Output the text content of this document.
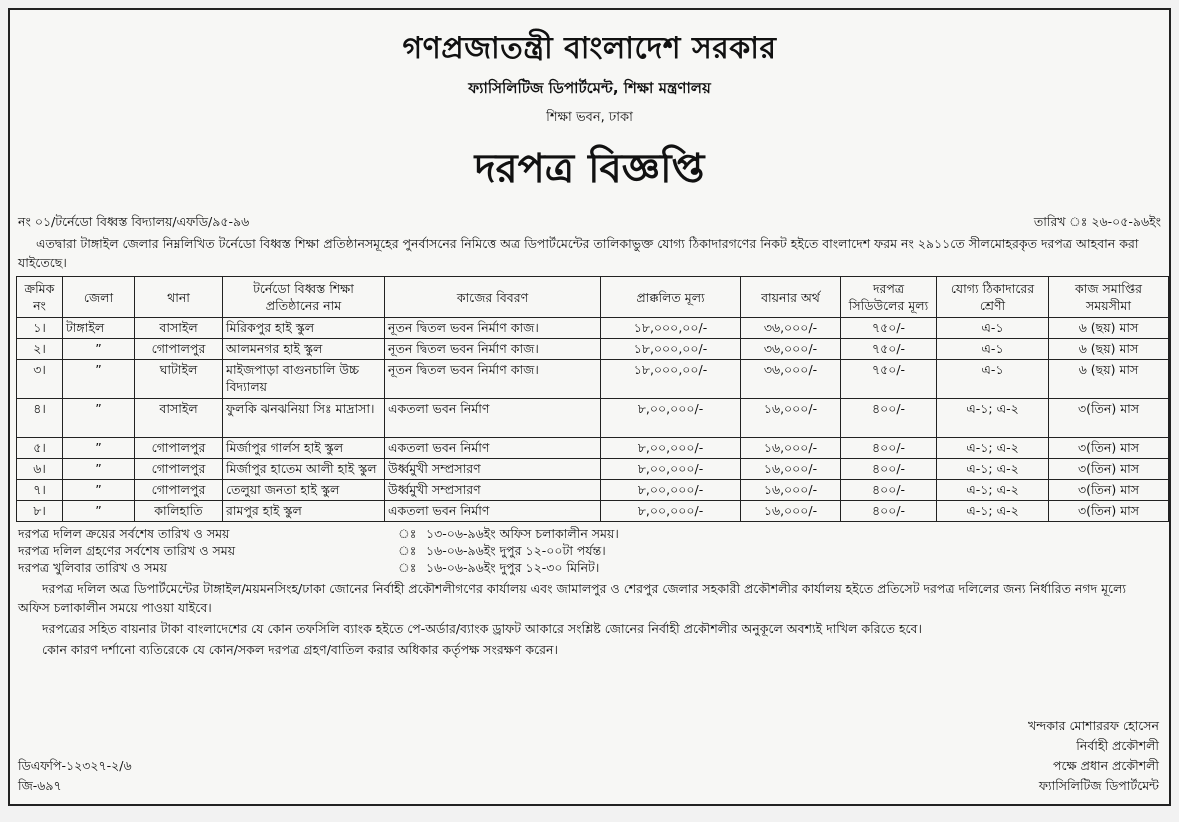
গণপ্রজাতন্ত্রী বাংলাদেশ সরকার
ফ্যাসিলিটিজ ডিপার্টমেন্ট, শিক্ষা মন্ত্রণালয়
শিক্ষা ভবন, ঢাকা
দরপত্র বিজ্ঞপ্তি
নং ০১/টর্নেডো বিধ্বস্ত বিদ্যালয়/এফডি/৯৫-৯৬	তারিখ ঃ ২৬-০৫-৯৬ইং
এতদ্বারা টাঙ্গাইল জেলার নিম্নলিখিত টর্নেডো বিধ্বস্ত শিক্ষা প্রতিষ্ঠানসমূহের পুনর্বাসনের নিমিত্তে অত্র ডিপার্টমেন্টের তালিকাভুক্ত যোগ্য ঠিকাদারগণের নিকট হইতে বাংলাদেশ ফরম নং ২৯১১তে সীলমোহরকৃত দরপত্র আহবান করা যাইতেছে।
ক্রমিক নং	জেলা	থানা	টর্নেডো বিধ্বস্ত শিক্ষা প্রতিষ্ঠানের নাম	কাজের বিবরণ	প্রাক্কলিত মূল্য	বায়নার অর্থ	দরপত্র সিডিউলের মূল্য	যোগ্য ঠিকাদারের শ্রেণী	কাজ সমাপ্তির সময়সীমা
১।	টাঙ্গাইল	বাসাইল	মিরিকপুর হাই স্কুল	নূতন দ্বিতল ভবন নির্মাণ কাজ।	১৮,০০০,০০/-	৩৬,০০০/-	৭৫০/-	এ-১	৬ (ছয়) মাস
২।	”	গোপালপুর	আলমনগর হাই স্কুল	নূতন দ্বিতল ভবন নির্মাণ কাজ।	১৮,০০০,০০/-	৩৬,০০০/-	৭৫০/-	এ-১	৬ (ছয়) মাস
৩।	”	ঘাটাইল	মাইজপাড়া বাগুনচালি উচ্চ বিদ্যালয়	নূতন দ্বিতল ভবন নির্মাণ কাজ।	১৮,০০০,০০/-	৩৬,০০০/-	৭৫০/-	এ-১	৬ (ছয়) মাস
৪।	”	বাসাইল	ফুলকি ঝনঝনিয়া সিঃ মাদ্রাসা।	একতলা ভবন নির্মাণ	৮,০০,০০০/-	১৬,০০০/-	৪০০/-	এ-১; এ-২	৩(তিন) মাস
৫।	”	গোপালপুর	মির্জাপুর গার্লস হাই স্কুল	একতলা ভবন নির্মাণ	৮,০০,০০০/-	১৬,০০০/-	৪০০/-	এ-১; এ-২	৩(তিন) মাস
৬।	”	গোপালপুর	মির্জাপুর হাতেম আলী হাই স্কুল	উর্ধ্বমুখী সম্প্রসারণ	৮,০০,০০০/-	১৬,০০০/-	৪০০/-	এ-১; এ-২	৩(তিন) মাস
৭।	”	গোপালপুর	তেলুয়া জনতা হাই স্কুল	উর্ধ্বমুখী সম্প্রসারণ	৮,০০,০০০/-	১৬,০০০/-	৪০০/-	এ-১; এ-২	৩(তিন) মাস
৮।	”	কালিহাতি	রামপুর হাই স্কুল	একতলা ভবন নির্মাণ	৮,০০,০০০/-	১৬,০০০/-	৪০০/-	এ-১; এ-২	৩(তিন) মাস
দরপত্র দলিল ক্রয়ের সর্বশেষ তারিখ ও সময়	ঃ ১৩-০৬-৯৬ইং অফিস চলাকালীন সময়।
দরপত্র দলিল গ্রহণের সর্বশেষ তারিখ ও সময়	ঃ ১৬-০৬-৯৬ইং দুপুর ১২-০০টা পর্যন্ত।
দরপত্র খুলিবার তারিখ ও সময়	ঃ ১৬-০৬-৯৬ইং দুপুর ১২-৩০ মিনিট।
দরপত্র দলিল অত্র ডিপার্টমেন্টের টাঙ্গাইল/ময়মনসিংহ/ঢাকা জোনের নির্বাহী প্রকৌশলীগণের কার্যালয় এবং জামালপুর ও শেরপুর জেলার সহকারী প্রকৌশলীর কার্যালয় হইতে প্রতিসেট দরপত্র দলিলের জন্য নির্ধারিত নগদ মূল্যে অফিস চলাকালীন সময়ে পাওয়া যাইবে।
দরপত্রের সহিত বায়নার টাকা বাংলাদেশের যে কোন তফসিলি ব্যাংক হইতে পে-অর্ডার/ব্যাংক ড্রাফট আকারে সংশ্লিষ্ট জোনের নির্বাহী প্রকৌশলীর অনুকূলে অবশ্যই দাখিল করিতে হবে।
কোন কারণ দর্শানো ব্যতিরেকে যে কোন/সকল দরপত্র গ্রহণ/বাতিল করার অধিকার কর্তৃপক্ষ সংরক্ষণ করেন।
ডিএফপি-১২৩২৭-২/৬
জি-৬৯৭
খন্দকার মোশাররফ হোসেন
নির্বাহী প্রকৌশলী
পক্ষে প্রধান প্রকৌশলী
ফ্যাসিলিটিজ ডিপার্টমেন্ট
